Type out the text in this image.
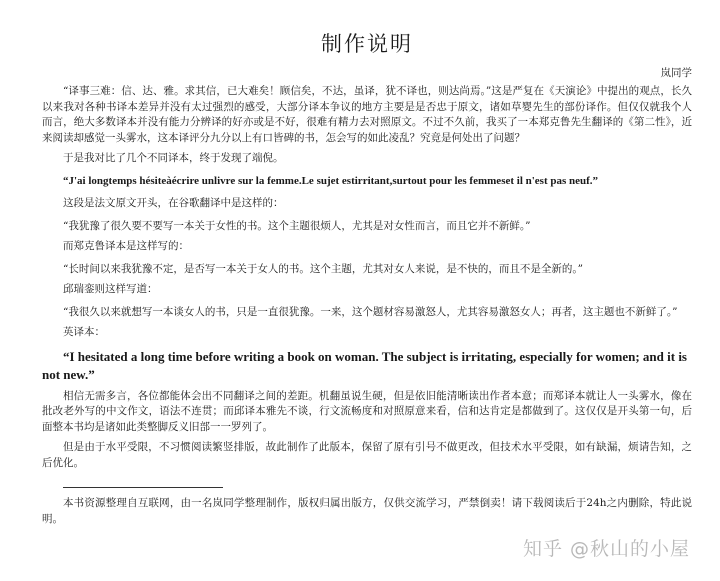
制作说明
岚同学

“译事三难：信、达、雅。求其信，已大难矣！顾信矣，不达，虽译，犹不译也，则达尚焉。”这是严复在《天演论》中提出的观点，长久以来我对各种书译本差异并没有太过强烈的感受，大部分译本争议的地方主要是是否忠于原文，诸如草婴先生的部份译作。但仅仅就我个人而言，绝大多数译本并没有能力分辨译的好亦或是不好，很难有精力去对照原文。不过不久前，我买了一本郑克鲁先生翻译的《第二性》，近来阅读却感觉一头雾水，这本译评分九分以上有口皆碑的书，怎会写的如此凌乱？究竟是何处出了问题？

于是我对比了几个不同译本，终于发现了端倪。

“J'ai longtemps hésiteàécrire unlivre sur la femme.Le sujet estirritant,surtout pour les femmeset il n'est pas neuf.”

这段是法文原文开头，在谷歌翻译中是这样的：

“我犹豫了很久要不要写一本关于女性的书。这个主题很烦人，尤其是对女性而言，而且它并不新鲜。”

而郑克鲁译本是这样写的：

“长时间以来我犹豫不定，是否写一本关于女人的书。这个主题，尤其对女人来说，是不快的，而且不是全新的。”

邱瑞銮则这样写道：

“我很久以来就想写一本谈女人的书，只是一直很犹豫。一来，这个题材容易激怒人，尤其容易激怒女人；再者，这主题也不新鲜了。”

英译本：

“I hesitated a long time before writing a book on woman. The subject is irritating, especially for women; and it is not new.”

相信无需多言，各位都能体会出不同翻译之间的差距。机翻虽说生硬，但是依旧能清晰读出作者本意；而郑译本就让人一头雾水，像在批改老外写的中文作文，语法不连贯；而邱译本雅先不谈，行文流畅度和对照原意来看，信和达肯定是都做到了。这仅仅是开头第一句，后面整本书均是诸如此类整脚反义旧部一一罗列了。

但是由于水平受限，不习惯阅读繁竖排版，故此制作了此版本，保留了原有引号不做更改，但技术水平受限，如有缺漏，烦请告知，之后优化。

本书资源整理自互联网，由一名岚同学整理制作，版权归属出版方，仅供交流学习，严禁倒卖！请下载阅读后于24h之内删除，特此说明。

知乎 @秋山的小屋
